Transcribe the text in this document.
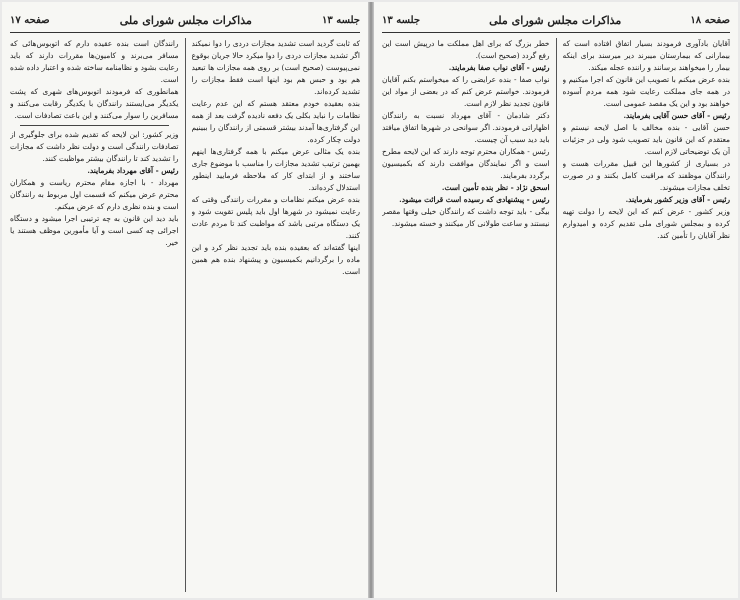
جلسه ۱۳
مذاکرات مجلس شورای ملی
صفحه ۱۷

که ثابت گردید است تشدید مجازات دردی را دوا نمیکند اگر تشدید مجازات دردی را دوا میکرد حالا جریان بوقوع نمی‌پیوست (صحیح است) بر روی همه مجازات ها تبعید هم بود و حبس هم بود اینها است فقط مجازات را تشدید کرده‌اند.

بنده بعقیده خودم معتقد هستم که این عدم رعایت نظامات را نباید بکلی یک دفعه نادیده گرفت بعد از همه این گرفتاری‌ها آمدند بیشتر قسمتی از رانندگان را ببینیم دولت چکار کرده.

بنده یک مثالی عرض میکنم با همه گرفتاری‌ها اینهم بهمین ترتیب تشدید مجازات را مناسب با موضوع جاری ساختند و از ابتدای کار که ملاحظه فرمایید اینطور استدلال کرده‌اند.

بنده عرض میکنم نظامات و مقررات رانندگی وقتی که رعایت نمیشود در شهرها اول باید پلیس تقویت شود و یک دستگاه مرتبی باشد که مواظبت کند تا مردم عادت کنند.

اینها گفته‌اند که بعقیده بنده باید تجدید نظر کرد و این ماده را برگردانیم بکمیسیون و پیشنهاد بنده هم همین است.

رانندگان است بنده عقیده دارم که اتوبوس‌هائی که مسافر می‌برند و کامیون‌ها مقررات دارند که باید رعایت بشود و نظامنامه ساخته شده و اعتبار داده شده است.

همانطوری که فرمودند اتوبوس‌های شهری که پشت یکدیگر می‌ایستند رانندگان با یکدیگر رقابت می‌کنند و مسافرین را سوار می‌کنند و این باعث تصادفات است.

وزیر کشور: این لایحه که تقدیم شده برای جلوگیری از تصادفات رانندگی است و دولت نظر داشت که مجازات را تشدید کند تا رانندگان بیشتر مواظبت کنند.

رئیس - آقای مهرداد بفرمایند.

مهرداد - با اجازه مقام محترم ریاست و همکاران محترم عرض میکنم که قسمت اول مربوط به رانندگان است و بنده نظری دارم که عرض میکنم.

باید دید این قانون به چه ترتیبی اجرا میشود و دستگاه اجرائی چه کسی است و آیا مأمورین موظف هستند یا خیر.

صفحه ۱۸
مذاکرات مجلس شورای ملی
جلسه ۱۳

آقایان بادآوری فرمودند بسیار اتفاق افتاده است که بیمارانی که بیمارستان میبرند دیر میرسند برای اینکه بیمار را میخواهند برسانند و راننده عجله میکند.

بنده عرض میکنم با تصویب این قانون که اجرا میکنیم و در همه جای مملکت رعایت شود همه مردم آسوده خواهند بود و این یک مقصد عمومی است.

رئیس - آقای حسن آقایی بفرمایند.

حسن آقایی - بنده مخالف با اصل لایحه نیستم و معتقدم که این قانون باید تصویب شود ولی در جزئیات آن یک توضیحاتی لازم است.

در بسیاری از کشورها این قبیل مقررات هست و رانندگان موظفند که مراقبت کامل بکنند و در صورت تخلف مجازات میشوند.

رئیس - آقای وزیر کشور بفرمایند.

وزیر کشور - عرض کنم که این لایحه را دولت تهیه کرده و بمجلس شورای ملی تقدیم کرده و امیدوارم نظر آقایان را تأمین کند.

خطر بزرگ که برای اهل مملکت ما درپیش است این رفع گردد (صحیح است).

رئیس - آقای نواب صفا بفرمایند.

نواب صفا - بنده عرایضی را که میخواستم بکنم آقایان فرمودند. خواستم عرض کنم که در بعضی از مواد این قانون تجدید نظر لازم است.

دکتر شادمان - آقای مهرداد نسبت به رانندگان اظهاراتی فرمودند. اگر سوانحی در شهرها اتفاق میافتد باید دید سبب آن چیست.

رئیس - همکاران محترم توجه دارند که این لایحه مطرح است و اگر نمایندگان موافقت دارند که بکمیسیون برگردد بفرمایند.

اسحق نژاد - نظر بنده تأمین است.

رئیس - پیشنهادی که رسیده است قرائت میشود.

بیگی - باید توجه داشت که رانندگان خیلی وقتها مقصر نیستند و ساعت طولانی کار میکنند و خسته میشوند.
